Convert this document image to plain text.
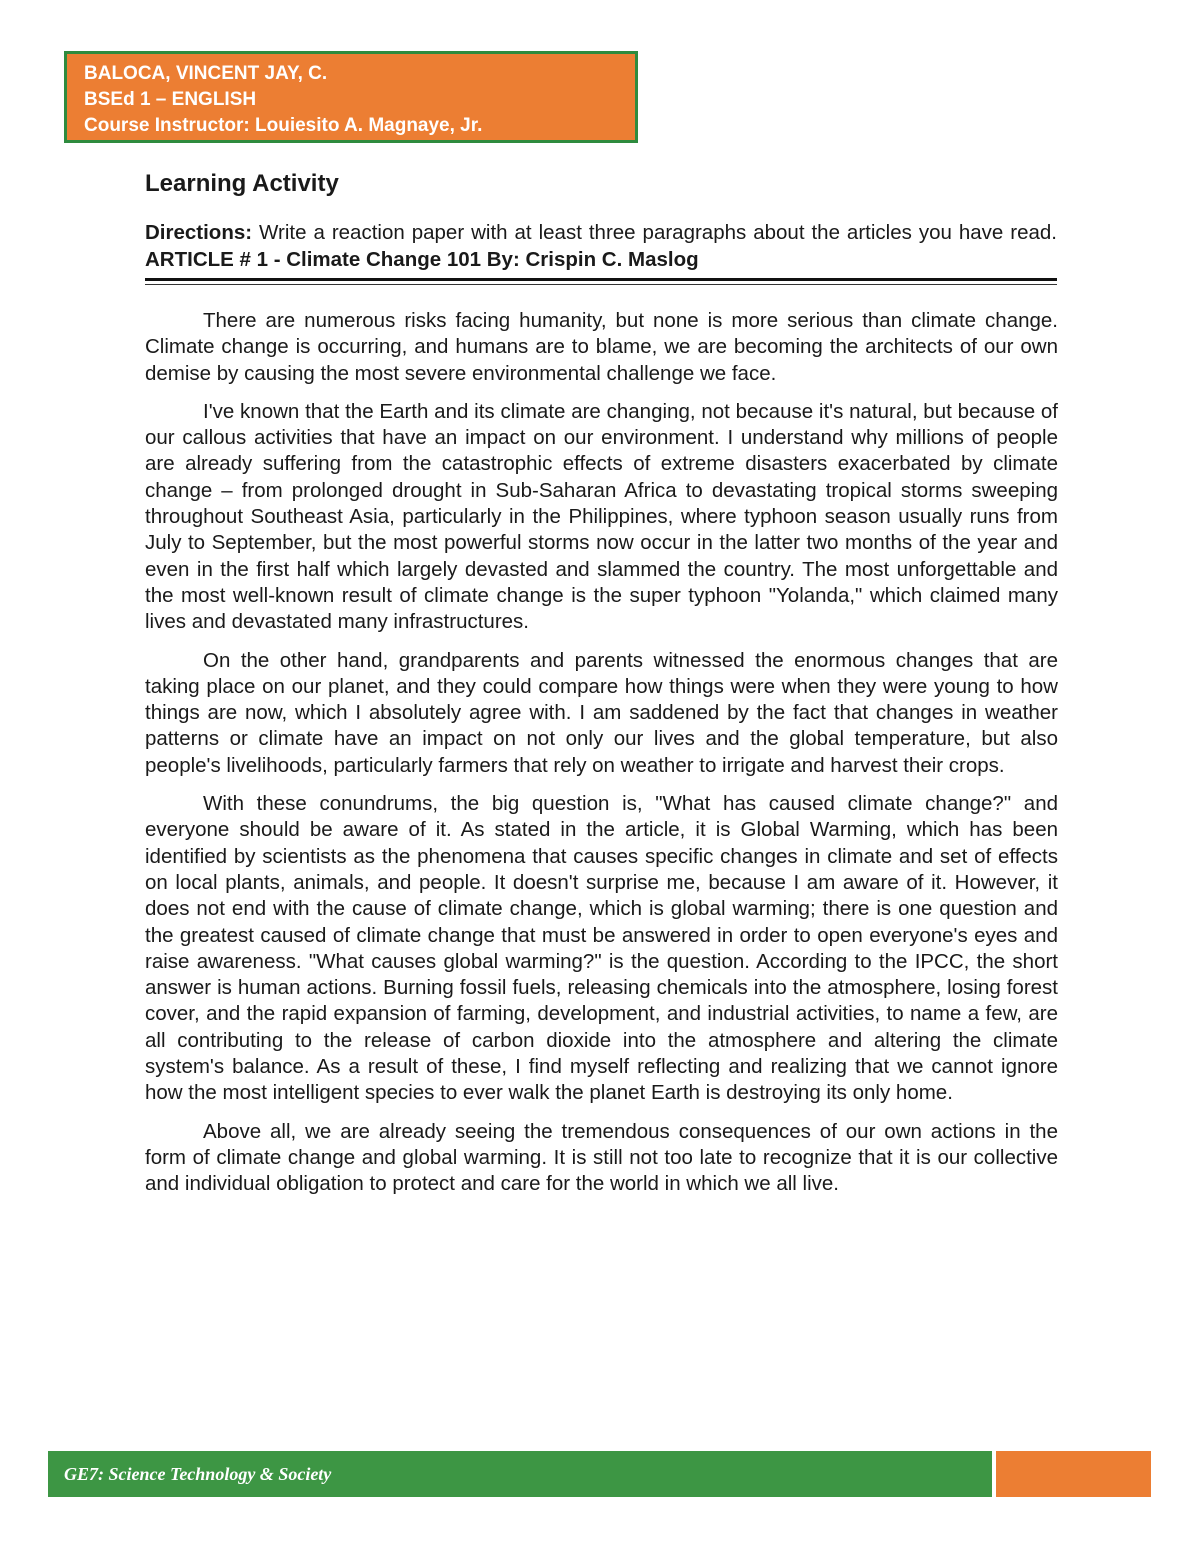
BALOCA, VINCENT JAY, C.
BSEd 1 – ENGLISH
Course Instructor: Louiesito A. Magnaye, Jr.
Learning Activity
Directions: Write a reaction paper with at least three paragraphs about the articles you have read. ARTICLE # 1 - Climate Change 101 By: Crispin C. Maslog

There are numerous risks facing humanity, but none is more serious than climate change. Climate change is occurring, and humans are to blame, we are becoming the architects of our own demise by causing the most severe environmental challenge we face.

I've known that the Earth and its climate are changing, not because it's natural, but because of our callous activities that have an impact on our environment. I understand why millions of people are already suffering from the catastrophic effects of extreme disasters exacerbated by climate change – from prolonged drought in Sub-Saharan Africa to devastating tropical storms sweeping throughout Southeast Asia, particularly in the Philippines, where typhoon season usually runs from July to September, but the most powerful storms now occur in the latter two months of the year and even in the first half which largely devasted and slammed the country. The most unforgettable and the most well-known result of climate change is the super typhoon "Yolanda," which claimed many lives and devastated many infrastructures.

On the other hand, grandparents and parents witnessed the enormous changes that are taking place on our planet, and they could compare how things were when they were young to how things are now, which I absolutely agree with. I am saddened by the fact that changes in weather patterns or climate have an impact on not only our lives and the global temperature, but also people's livelihoods, particularly farmers that rely on weather to irrigate and harvest their crops.

With these conundrums, the big question is, "What has caused climate change?" and everyone should be aware of it. As stated in the article, it is Global Warming, which has been identified by scientists as the phenomena that causes specific changes in climate and set of effects on local plants, animals, and people. It doesn't surprise me, because I am aware of it. However, it does not end with the cause of climate change, which is global warming; there is one question and the greatest caused of climate change that must be answered in order to open everyone's eyes and raise awareness. "What causes global warming?" is the question. According to the IPCC, the short answer is human actions. Burning fossil fuels, releasing chemicals into the atmosphere, losing forest cover, and the rapid expansion of farming, development, and industrial activities, to name a few, are all contributing to the release of carbon dioxide into the atmosphere and altering the climate system's balance. As a result of these, I find myself reflecting and realizing that we cannot ignore how the most intelligent species to ever walk the planet Earth is destroying its only home.

Above all, we are already seeing the tremendous consequences of our own actions in the form of climate change and global warming. It is still not too late to recognize that it is our collective and individual obligation to protect and care for the world in which we all live.

GE7: Science Technology & Society
